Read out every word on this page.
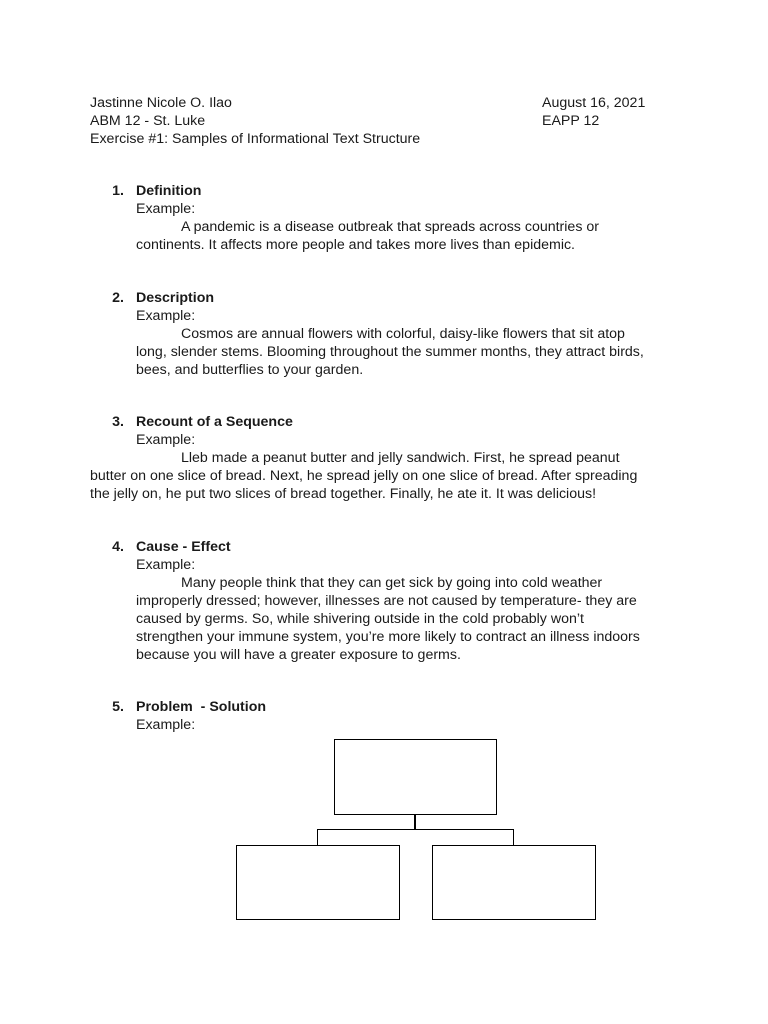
Jastinne Nicole O. Ilao
ABM 12 - St. Luke
Exercise #1: Samples of Informational Text Structure
August 16, 2021
EAPP 12
1. Definition
Example:
A pandemic is a disease outbreak that spreads across countries or
continents. It affects more people and takes more lives than epidemic.
2. Description
Example:
Cosmos are annual flowers with colorful, daisy-like flowers that sit atop
long, slender stems. Blooming throughout the summer months, they attract birds,
bees, and butterflies to your garden.
3. Recount of a Sequence
Example:
Lleb made a peanut butter and jelly sandwich. First, he spread peanut
butter on one slice of bread. Next, he spread jelly on one slice of bread. After spreading
the jelly on, he put two slices of bread together. Finally, he ate it. It was delicious!
4. Cause - Effect
Example:
Many people think that they can get sick by going into cold weather
improperly dressed; however, illnesses are not caused by temperature- they are
caused by germs. So, while shivering outside in the cold probably won’t
strengthen your immune system, you’re more likely to contract an illness indoors
because you will have a greater exposure to germs.
5. Problem  - Solution
Example:
